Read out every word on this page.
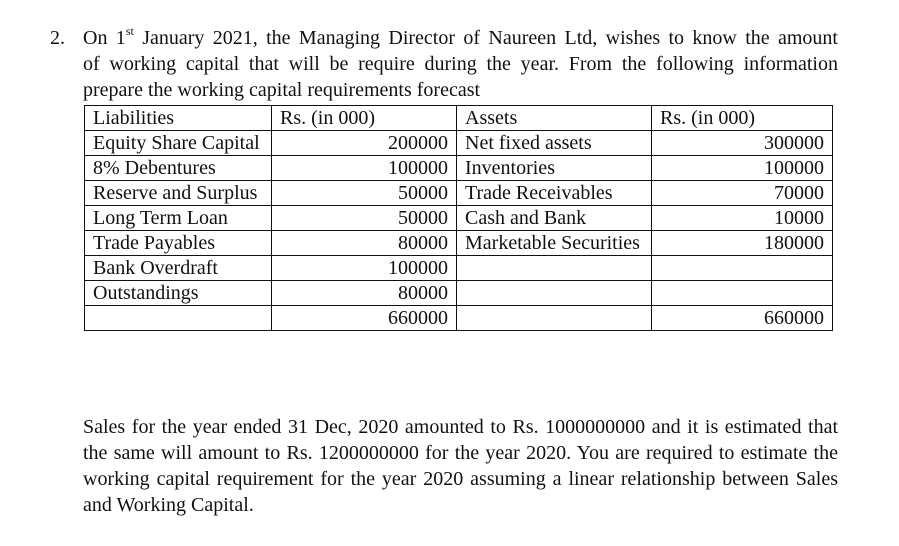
2. On 1st January 2021, the Managing Director of Naureen Ltd, wishes to know the amount
of working capital that will be require during the year. From the following information
prepare the working capital requirements forecast
Liabilities	Rs. (in 000)	Assets	Rs. (in 000)
Equity Share Capital	200000	Net fixed assets	300000
8% Debentures	100000	Inventories	100000
Reserve and Surplus	50000	Trade Receivables	70000
Long Term Loan	50000	Cash and Bank	10000
Trade Payables	80000	Marketable Securities	180000
Bank Overdraft	100000		
Outstandings	80000		
	660000		660000
Sales for the year ended 31 Dec, 2020 amounted to Rs. 1000000000 and it is estimated that the same will amount to Rs. 1200000000 for the year 2020. You are required to estimate the working capital requirement for the year 2020 assuming a linear relationship between Sales and Working Capital.
